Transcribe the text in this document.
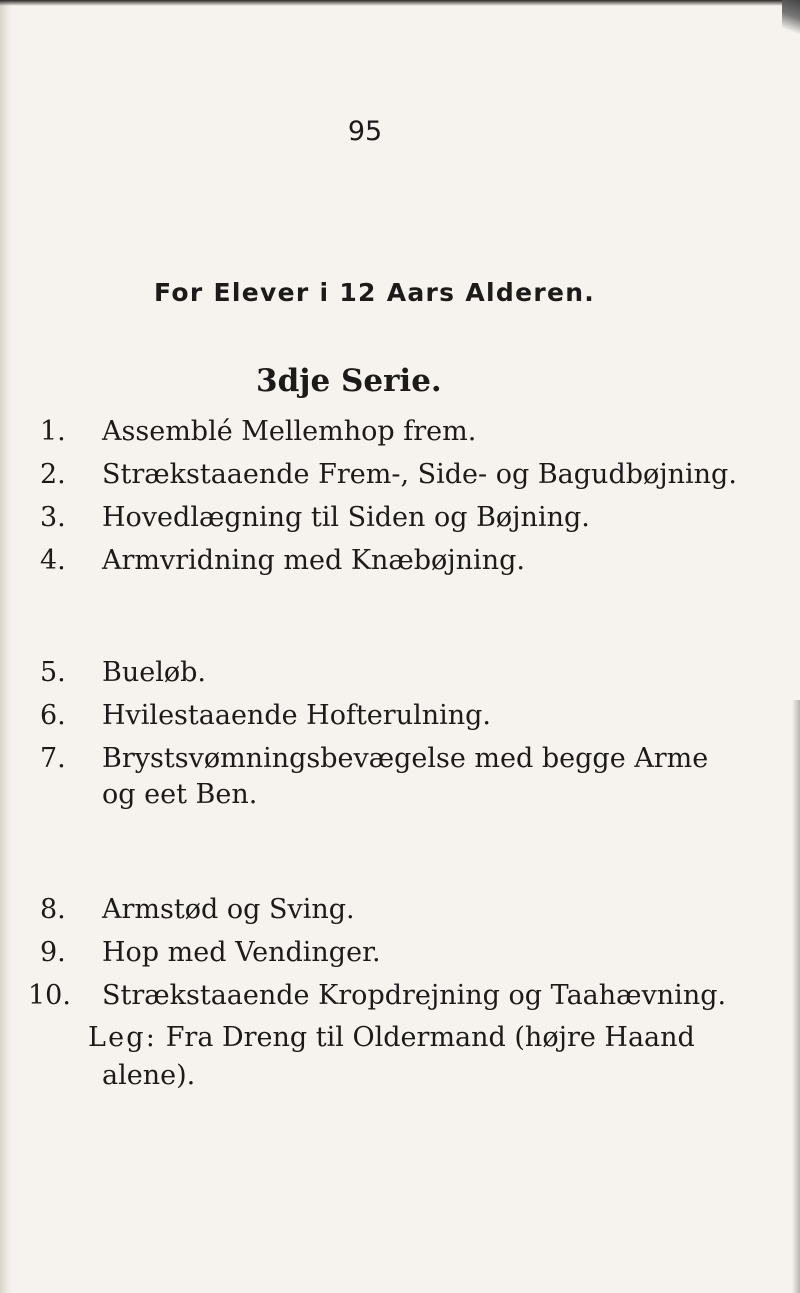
95

For Elever i 12 Aars Alderen.
3dje Serie.
1. Assemblé Mellemhop frem.
2. Strækstaaende Frem-, Side- og Bagudbøjning.
3. Hovedlægning til Siden og Bøjning.
4. Armvridning med Knæbøjning.
5. Bueløb.
6. Hvilestaaende Hofterulning.
7. Brystsvømningsbevægelse med begge Arme
og eet Ben.
8. Armstød og Sving.
9. Hop med Vendinger.
10. Strækstaaende Kropdrejning og Taahævning.
Leg: Fra Dreng til Oldermand (højre Haand
alene).
